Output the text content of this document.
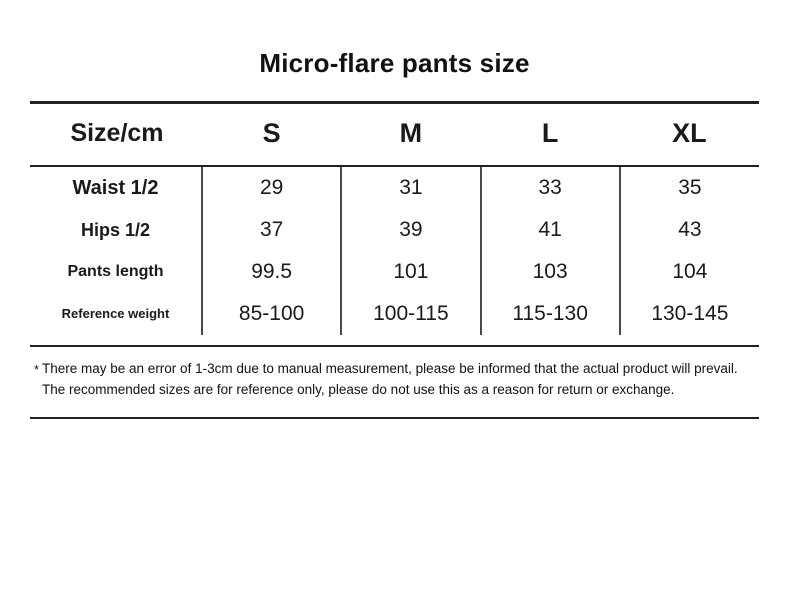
Micro-flare pants size
Size/cm	S	M	L	XL
Waist 1/2	29	31	33	35
Hips 1/2	37	39	41	43
Pants length	99.5	101	103	104
Reference weight	85-100	100-115	115-130	130-145
* There may be an error of 1-3cm due to manual measurement, please be informed that the actual product will prevail. The recommended sizes are for reference only, please do not use this as a reason for return or exchange.
